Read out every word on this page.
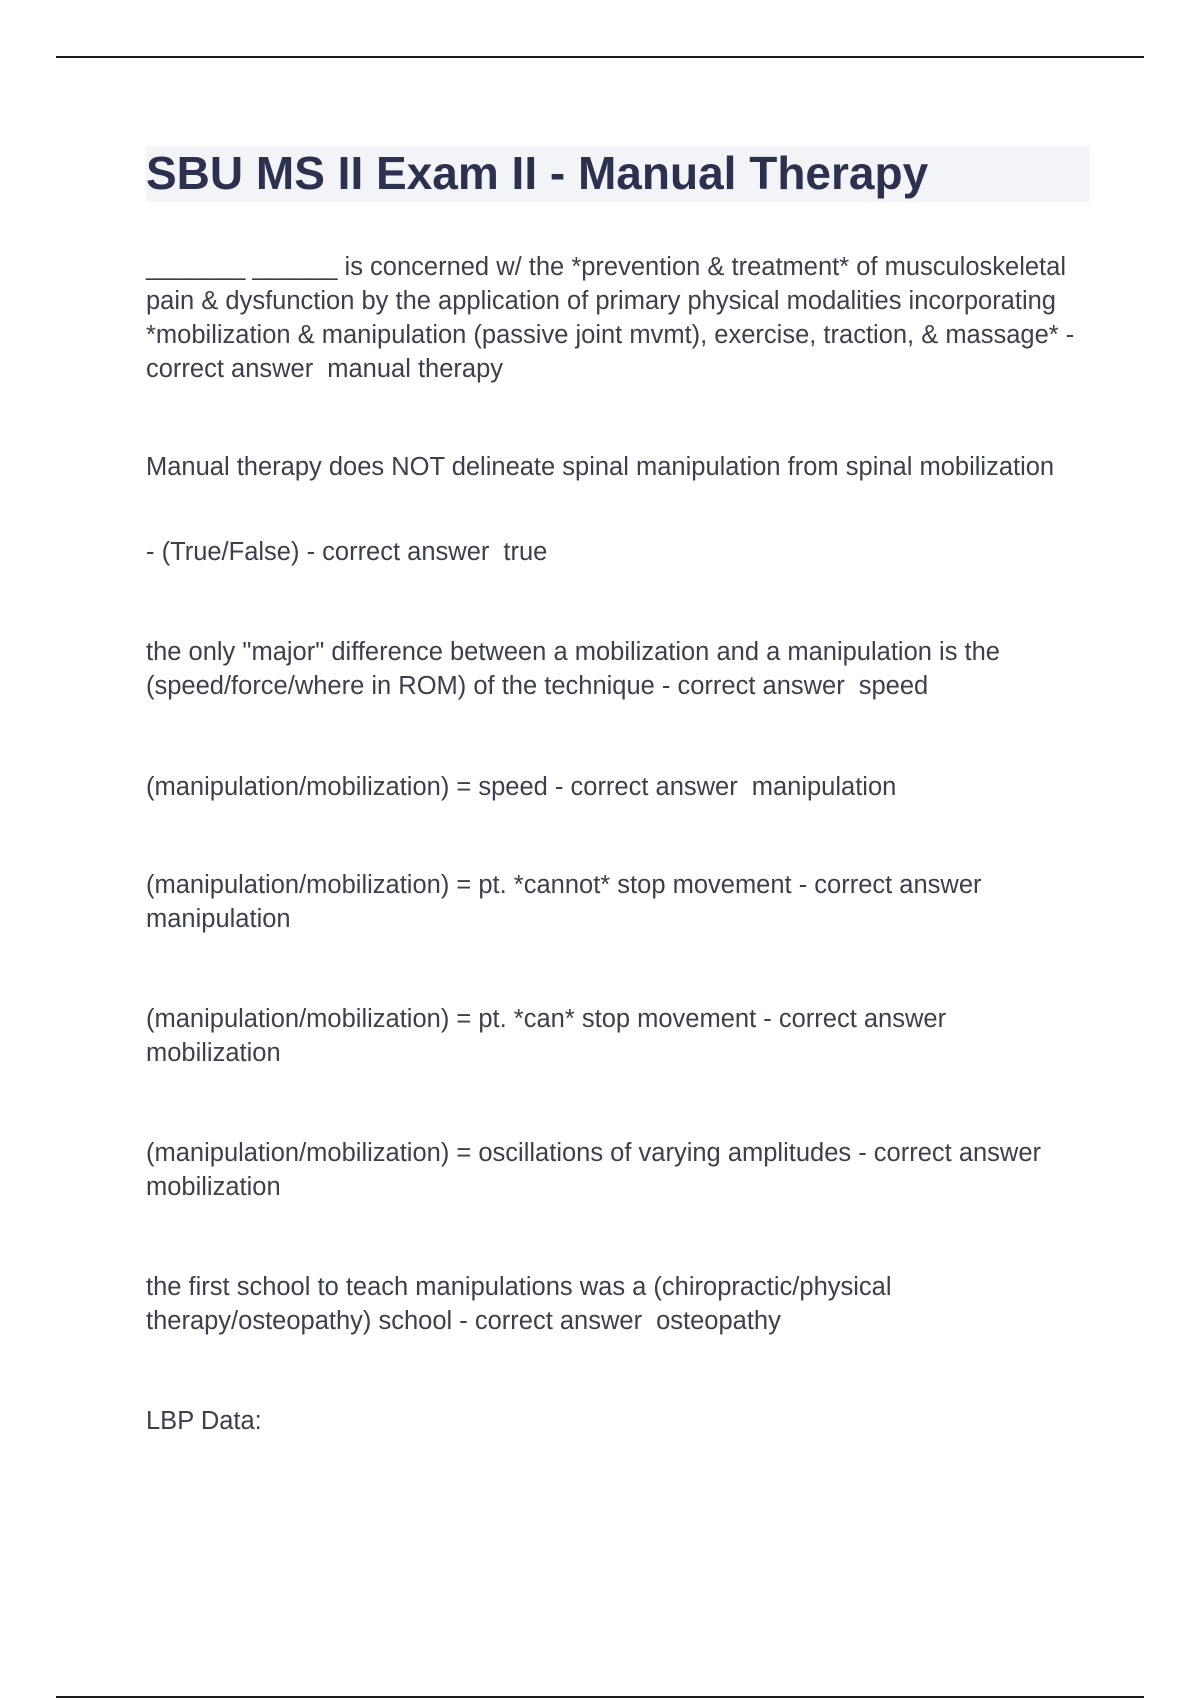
SBU MS II Exam II - Manual Therapy

_______ ______ is concerned w/ the *prevention & treatment* of musculoskeletal pain & dysfunction by the application of primary physical modalities incorporating *mobilization & manipulation (passive joint mvmt), exercise, traction, & massage* - correct answer manual therapy

Manual therapy does NOT delineate spinal manipulation from spinal mobilization

- (True/False) - correct answer true

the only "major" difference between a mobilization and a manipulation is the (speed/force/where in ROM) of the technique - correct answer speed

(manipulation/mobilization) = speed - correct answer manipulation

(manipulation/mobilization) = pt. *cannot* stop movement - correct answer
manipulation

(manipulation/mobilization) = pt. *can* stop movement - correct answer
mobilization

(manipulation/mobilization) = oscillations of varying amplitudes - correct answermobilization

the first school to teach manipulations was a (chiropractic/physical therapy/osteopathy) school - correct answer osteopathy

LBP Data:
